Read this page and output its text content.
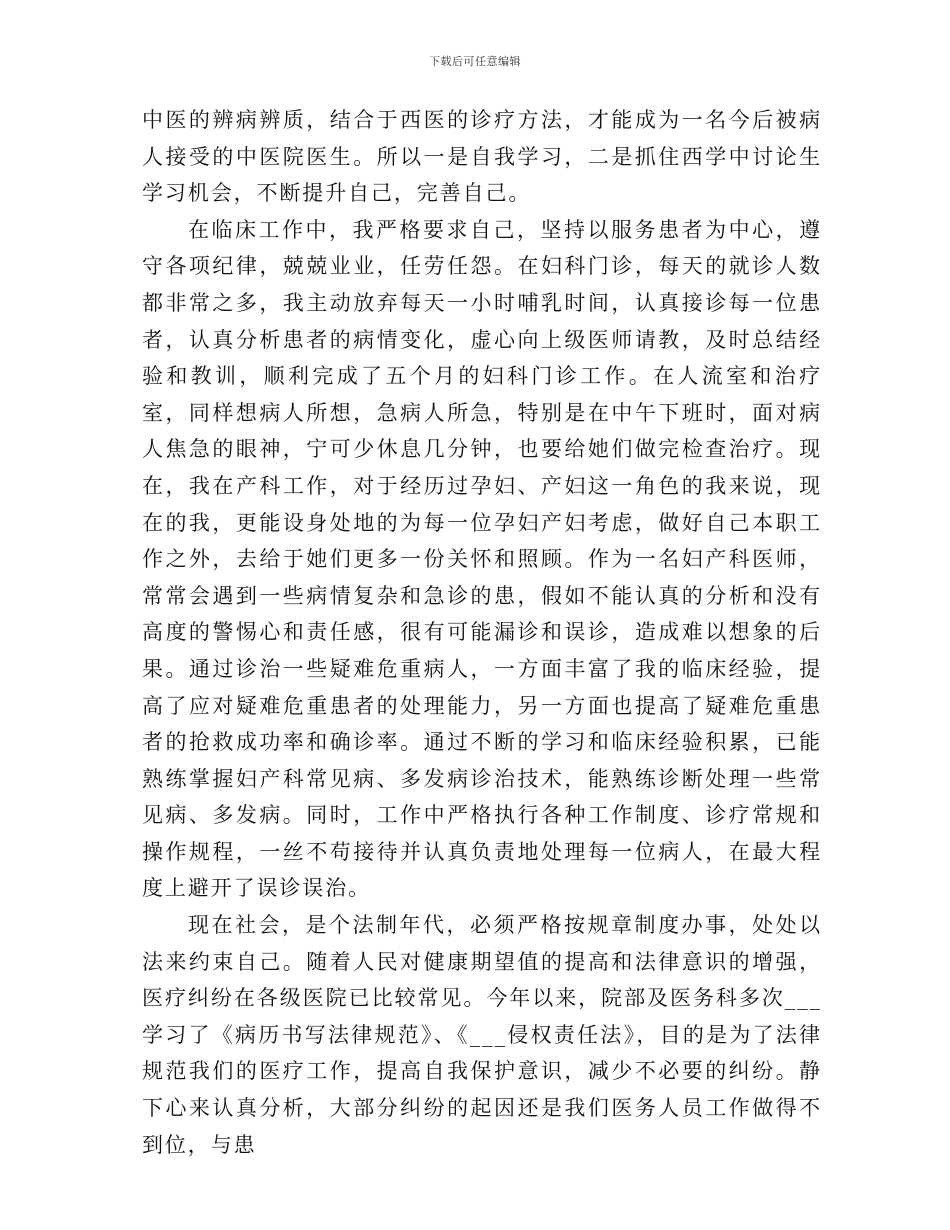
下载后可任意编辑

中医的辨病辨质，结合于西医的诊疗方法，才能成为一名今后被病人接受的中医院医生。所以一是自我学习，二是抓住西学中讨论生学习机会，不断提升自己，完善自己。

在临床工作中，我严格要求自己，坚持以服务患者为中心，遵守各项纪律，兢兢业业，任劳任怨。在妇科门诊，每天的就诊人数都非常之多，我主动放弃每天一小时哺乳时间，认真接诊每一位患者，认真分析患者的病情变化，虚心向上级医师请教，及时总结经验和教训，顺利完成了五个月的妇科门诊工作。在人流室和治疗室，同样想病人所想，急病人所急，特别是在中午下班时，面对病人焦急的眼神，宁可少休息几分钟，也要给她们做完检查治疗。现在，我在产科工作，对于经历过孕妇、产妇这一角色的我来说，现在的我，更能设身处地的为每一位孕妇产妇考虑，做好自己本职工作之外，去给于她们更多一份关怀和照顾。作为一名妇产科医师，常常会遇到一些病情复杂和急诊的患，假如不能认真的分析和没有高度的警惕心和责任感，很有可能漏诊和误诊，造成难以想象的后果。通过诊治一些疑难危重病人，一方面丰富了我的临床经验，提高了应对疑难危重患者的处理能力，另一方面也提高了疑难危重患者的抢救成功率和确诊率。通过不断的学习和临床经验积累，已能熟练掌握妇产科常见病、多发病诊治技术，能熟练诊断处理一些常见病、多发病。同时，工作中严格执行各种工作制度、诊疗常规和操作规程，一丝不苟接待并认真负责地处理每一位病人，在最大程度上避开了误诊误治。

现在社会，是个法制年代，必须严格按规章制度办事，处处以法来约束自己。随着人民对健康期望值的提高和法律意识的增强，医疗纠纷在各级医院已比较常见。今年以来，院部及医务科多次___学习了《病历书写法律规范》、《___侵权责任法》，目的是为了法律规范我们的医疗工作，提高自我保护意识，减少不必要的纠纷。静下心来认真分析，大部分纠纷的起因还是我们医务人员工作做得不到位，与患
